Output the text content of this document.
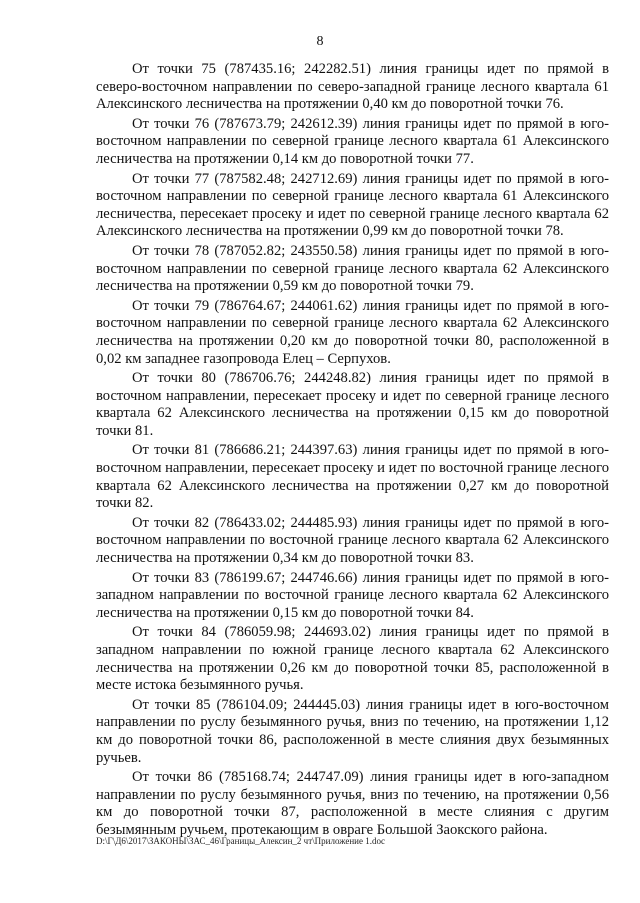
8

От точки 75 (787435.16; 242282.51) линия границы идет по прямой в северо-восточном направлении по северо-западной границе лесного квартала 61 Алексинского лесничества на протяжении 0,40 км до поворотной точки 76.

От точки 76 (787673.79; 242612.39) линия границы идет по прямой в юго-восточном направлении по северной границе лесного квартала 61 Алексинского лесничества на протяжении 0,14 км до поворотной точки 77.

От точки 77 (787582.48; 242712.69) линия границы идет по прямой в юго-восточном направлении по северной границе лесного квартала 61 Алексинского лесничества, пересекает просеку и идет по северной границе лесного квартала 62 Алексинского лесничества на протяжении 0,99 км до поворотной точки 78.

От точки 78 (787052.82; 243550.58) линия границы идет по прямой в юго-восточном направлении по северной границе лесного квартала 62 Алексинского лесничества на протяжении 0,59 км до поворотной точки 79.

От точки 79 (786764.67; 244061.62) линия границы идет по прямой в юго-восточном направлении по северной границе лесного квартала 62 Алексинского лесничества на протяжении 0,20 км до поворотной точки 80, расположенной в 0,02 км западнее газопровода Елец – Серпухов.

От точки 80 (786706.76; 244248.82) линия границы идет по прямой в восточном направлении, пересекает просеку и идет по северной границе лесного квартала 62 Алексинского лесничества на протяжении 0,15 км до поворотной точки 81.

От точки 81 (786686.21; 244397.63) линия границы идет по прямой в юго-восточном направлении, пересекает просеку и идет по восточной границе лесного квартала 62 Алексинского лесничества на протяжении 0,27 км до поворотной точки 82.

От точки 82 (786433.02; 244485.93) линия границы идет по прямой в юго-восточном направлении по восточной границе лесного квартала 62 Алексинского лесничества на протяжении 0,34 км до поворотной точки 83.

От точки 83 (786199.67; 244746.66) линия границы идет по прямой в юго-западном направлении по восточной границе лесного квартала 62 Алексинского лесничества на протяжении 0,15 км до поворотной точки 84.

От точки 84 (786059.98; 244693.02) линия границы идет по прямой в западном направлении по южной границе лесного квартала 62 Алексинского лесничества на протяжении 0,26 км до поворотной точки 85, расположенной в месте истока безымянного ручья.

От точки 85 (786104.09; 244445.03) линия границы идет в юго-восточном направлении по руслу безымянного ручья, вниз по течению, на протяжении 1,12 км до поворотной точки 86, расположенной в месте слияния двух безымянных ручьев.

От точки 86 (785168.74; 244747.09) линия границы идет в юго-западном направлении по руслу безымянного ручья, вниз по течению, на протяжении 0,56 км до поворотной точки 87, расположенной в месте слияния с другим безымянным ручьем, протекающим в овраге Большой Заокского района.

D:\Г\Д6\2017\ЗАКОНЫ\ЗАС_46\Границы_Алексин_2 чт\Приложение 1.doc
